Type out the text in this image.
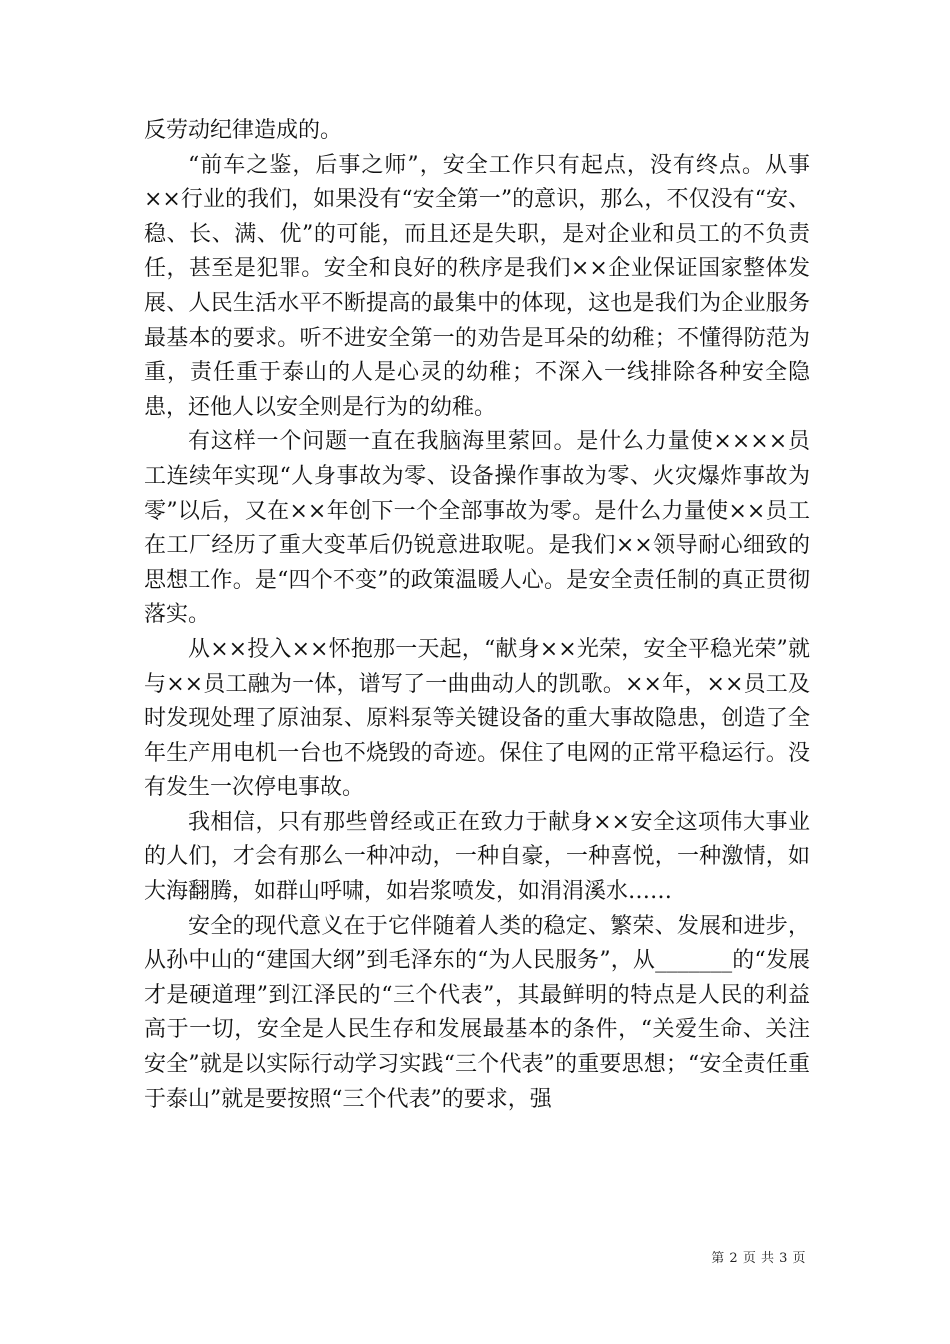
反劳动纪律造成的。

“前车之鉴，后事之师”，安全工作只有起点，没有终点。从事××行业的我们，如果没有“安全第一”的意识，那么，不仅没有“安、稳、长、满、优”的可能，而且还是失职，是对企业和员工的不负责任，甚至是犯罪。安全和良好的秩序是我们××企业保证国家整体发展、人民生活水平不断提高的最集中的体现，这也是我们为企业服务最基本的要求。听不进安全第一的劝告是耳朵的幼稚；不懂得防范为重，责任重于泰山的人是心灵的幼稚；不深入一线排除各种安全隐患，还他人以安全则是行为的幼稚。

有这样一个问题一直在我脑海里萦回。是什么力量使××××员工连续年实现“人身事故为零、设备操作事故为零、火灾爆炸事故为零”以后，又在××年创下一个全部事故为零。是什么力量使××员工在工厂经历了重大变革后仍锐意进取呢。是我们××领导耐心细致的思想工作。是“四个不变”的政策温暖人心。是安全责任制的真正贯彻落实。

从××投入××怀抱那一天起，“献身××光荣，安全平稳光荣”就与××员工融为一体，谱写了一曲曲动人的凯歌。××年，××员工及时发现处理了原油泵、原料泵等关键设备的重大事故隐患，创造了全年生产用电机一台也不烧毁的奇迹。保住了电网的正常平稳运行。没有发生一次停电事故。

我相信，只有那些曾经或正在致力于献身××安全这项伟大事业的人们，才会有那么一种冲动，一种自豪，一种喜悦，一种激情，如大海翻腾，如群山呼啸，如岩浆喷发，如涓涓溪水……

安全的现代意义在于它伴随着人类的稳定、繁荣、发展和进步，从孙中山的“建国大纲”到毛泽东的“为人民服务”，从_______的“发展才是硬道理”到江泽民的“三个代表”，其最鲜明的特点是人民的利益高于一切，安全是人民生存和发展最基本的条件，“关爱生命、关注安全”就是以实际行动学习实践“三个代表”的重要思想；“安全责任重于泰山”就是要按照“三个代表”的要求，强

第 2 页 共 3 页
